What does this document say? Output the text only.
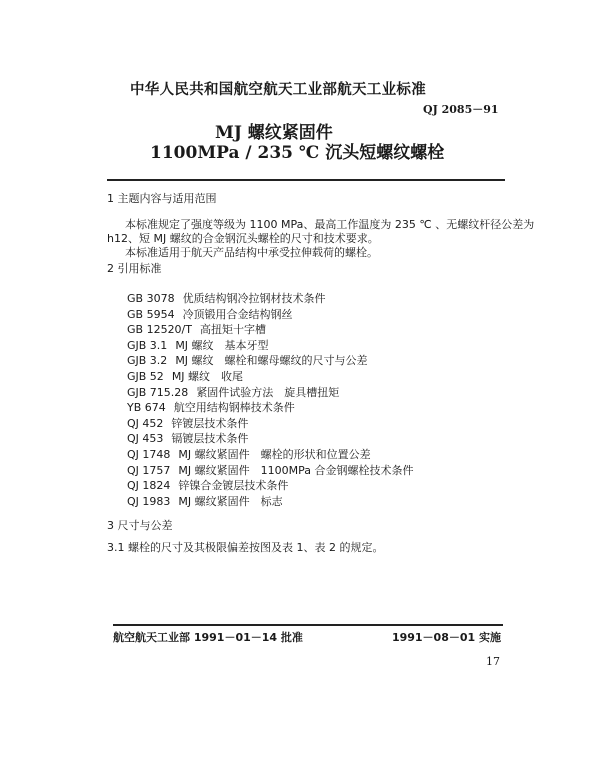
中华人民共和国航空航天工业部航天工业标准
QJ 2085－91
MJ 螺纹紧固件
1100MPa / 235 ℃ 沉头短螺纹螺栓
1 主题内容与适用范围
本标准规定了强度等级为 1100 MPa、最高工作温度为 235 ℃ 、无螺纹杆径公差为
h12、短 MJ 螺纹的合金钢沉头螺栓的尺寸和技术要求。
本标准适用于航天产品结构中承受拉伸载荷的螺栓。
2 引用标准
GB 3078 优质结构钢冷拉钢材技术条件
GB 5954 冷顶锻用合金结构钢丝
GB 12520/T 高扭矩十字槽
GJB 3.1 MJ 螺纹　基本牙型
GJB 3.2 MJ 螺纹　螺栓和螺母螺纹的尺寸与公差
GJB 52 MJ 螺纹　收尾
GJB 715.28 紧固件试验方法　旋具槽扭矩
YB 674 航空用结构钢棒技术条件
QJ 452 锌镀层技术条件
QJ 453 镉镀层技术条件
QJ 1748 MJ 螺纹紧固件　螺栓的形状和位置公差
QJ 1757 MJ 螺纹紧固件　1100MPa 合金钢螺栓技术条件
QJ 1824 锌镍合金镀层技术条件
QJ 1983 MJ 螺纹紧固件　标志
3 尺寸与公差
3.1 螺栓的尺寸及其极限偏差按图及表 1、表 2 的规定。
航空航天工业部 1991－01－14 批准	1991－08－01 实施
17
